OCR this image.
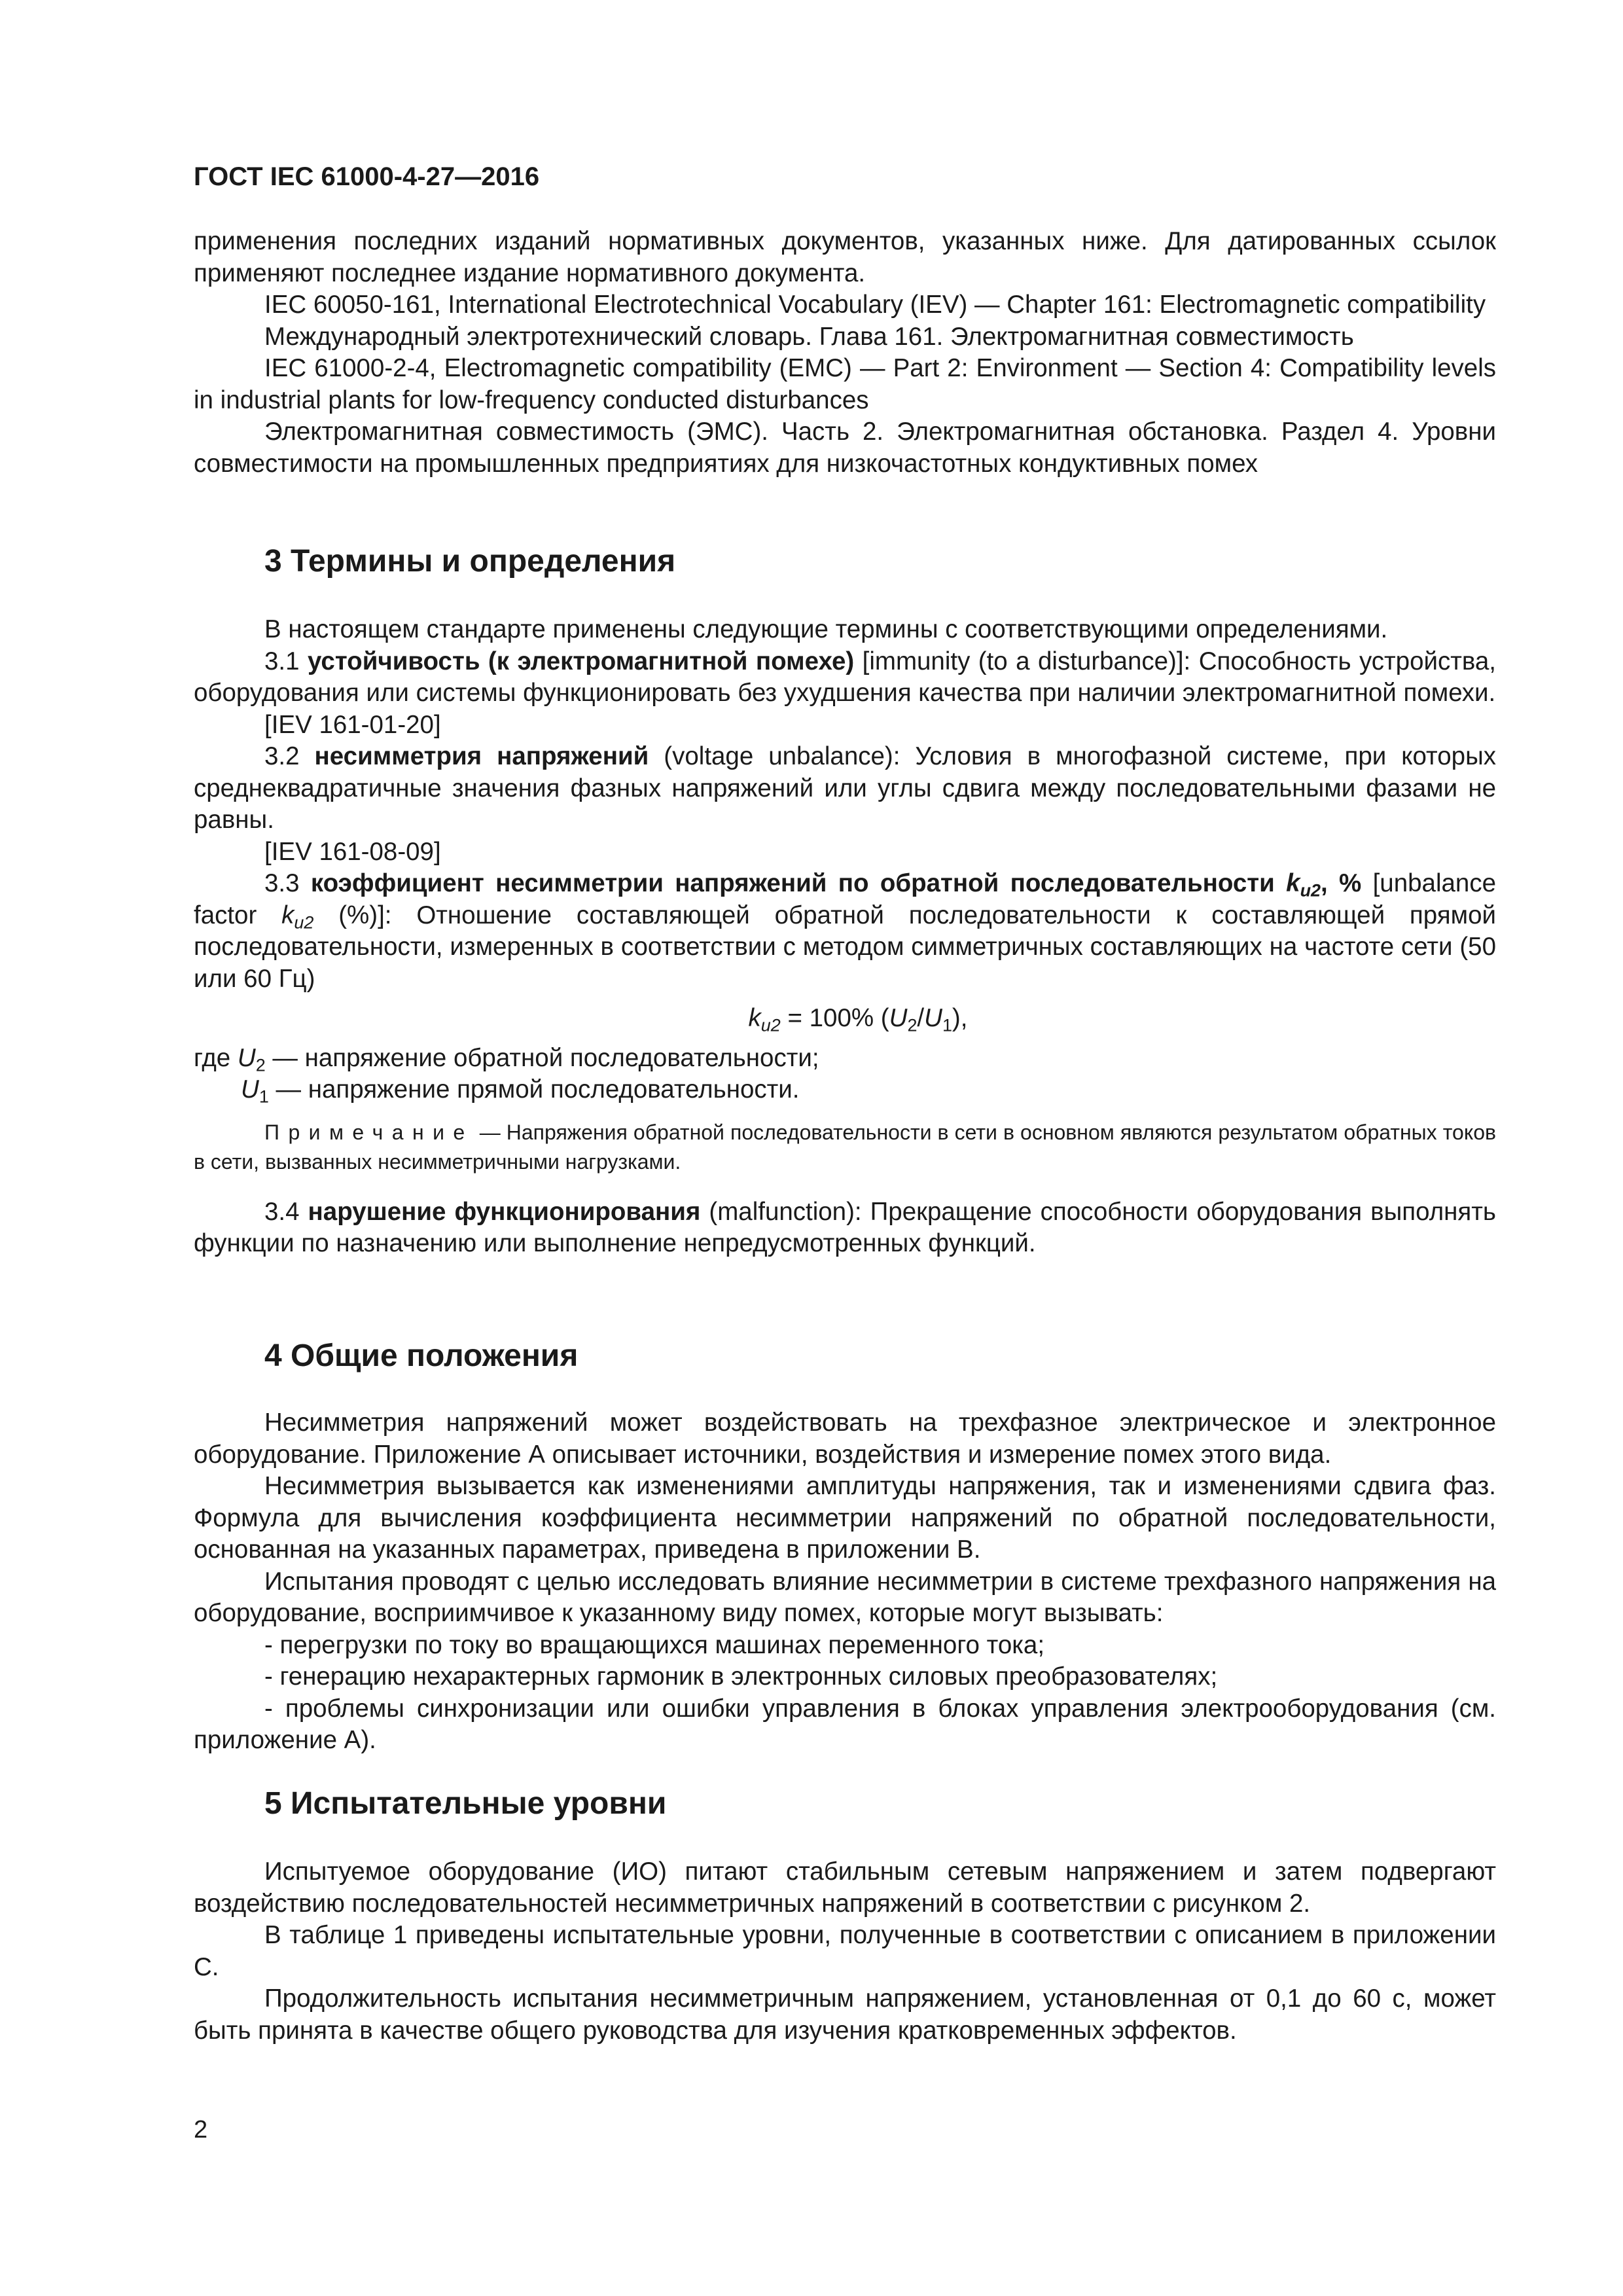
ГОСТ IEC 61000-4-27—2016

применения последних изданий нормативных документов, указанных ниже. Для датированных ссылок применяют последнее издание нормативного документа.

IEC 60050-161, International Electrotechnical Vocabulary (IEV) — Chapter 161: Electromagnetic compatibility

Международный электротехнический словарь. Глава 161. Электромагнитная совместимость

IEC 61000-2-4, Electromagnetic compatibility (EMC) — Part 2: Environment — Section 4: Compatibility levels in industrial plants for low-frequency conducted disturbances

Электромагнитная совместимость (ЭМС). Часть 2. Электромагнитная обстановка. Раздел 4. Уровни совместимости на промышленных предприятиях для низкочастотных кондуктивных помех

3 Термины и определения

В настоящем стандарте применены следующие термины с соответствующими определениями.

3.1 устойчивость (к электромагнитной помехе) [immunity (to a disturbance)]: Способность устройства, оборудования или системы функционировать без ухудшения качества при наличии электромагнитной помехи.

[IEV 161-01-20]

3.2 несимметрия напряжений (voltage unbalance): Условия в многофазной системе, при которых среднеквадратичные значения фазных напряжений или углы сдвига между последовательными фазами не равны.

[IEV 161-08-09]

3.3 коэффициент несимметрии напряжений по обратной последовательности $k_{u2}$, % [unbalance factor $k_{u2}$ (%)]: Отношение составляющей обратной последовательности к составляющей прямой последовательности, измеренных в соответствии с методом симметричных составляющих на частоте сети (50 или 60 Гц)

$k_{u2} = 100\%$ $(U_2/U_1)$,

где $U_2$ — напряжение обратной последовательности;

$U_1$ — напряжение прямой последовательности.

Примечание — Напряжения обратной последовательности в сети в основном являются результатом обратных токов в сети, вызванных несимметричными нагрузками.

3.4 нарушение функционирования (malfunction): Прекращение способности оборудования выполнять функции по назначению или выполнение непредусмотренных функций.

4 Общие положения

Несимметрия напряжений может воздействовать на трехфазное электрическое и электронное оборудование. Приложение А описывает источники, воздействия и измерение помех этого вида.

Несимметрия вызывается как изменениями амплитуды напряжения, так и изменениями сдвига фаз. Формула для вычисления коэффициента несимметрии напряжений по обратной последовательности, основанная на указанных параметрах, приведена в приложении В.

Испытания проводят с целью исследовать влияние несимметрии в системе трехфазного напряжения на оборудование, восприимчивое к указанному виду помех, которые могут вызывать:

- перегрузки по току во вращающихся машинах переменного тока;

- генерацию нехарактерных гармоник в электронных силовых преобразователях;

- проблемы синхронизации или ошибки управления в блоках управления электрооборудования (см. приложение А).

5 Испытательные уровни

Испытуемое оборудование (ИО) питают стабильным сетевым напряжением и затем подвергают воздействию последовательностей несимметричных напряжений в соответствии с рисунком 2.

В таблице 1 приведены испытательные уровни, полученные в соответствии с описанием в приложении С.

Продолжительность испытания несимметричным напряжением, установленная от 0,1 до 60 с, может быть принята в качестве общего руководства для изучения кратковременных эффектов.

2
